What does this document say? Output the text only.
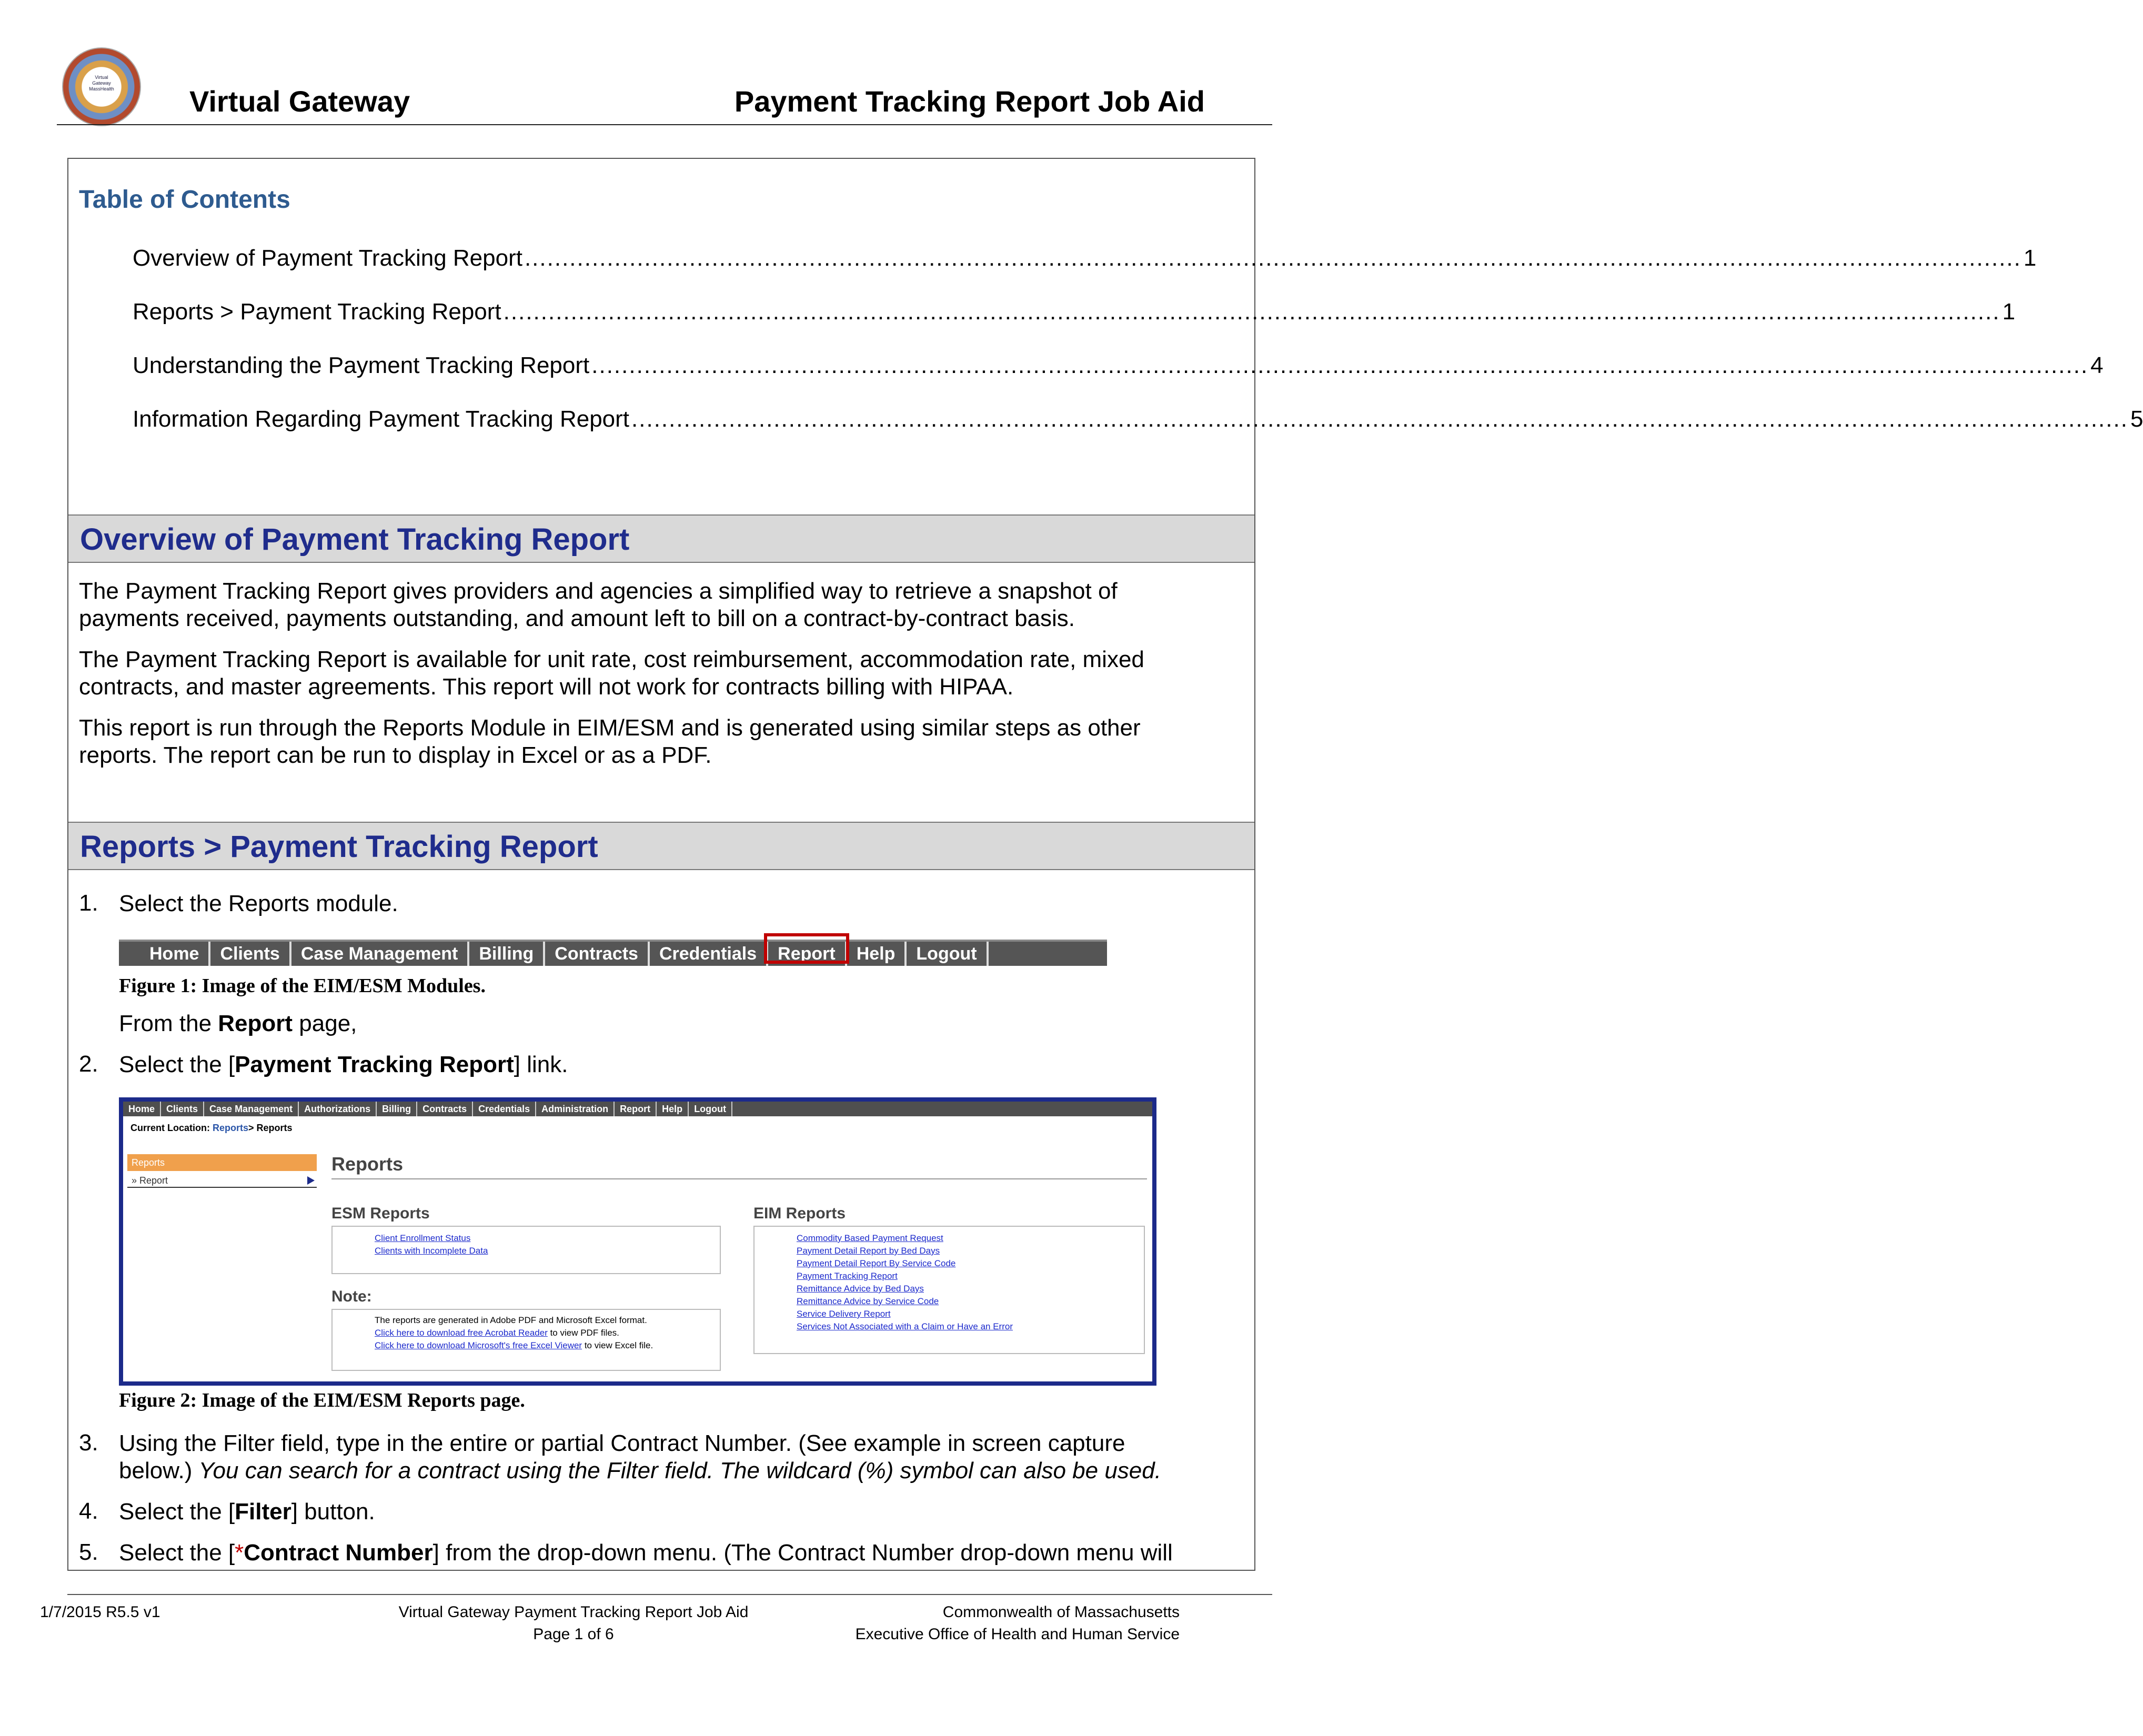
Virtual Gateway MassHealth	Virtual Gateway	Payment Tracking Report Job Aid
Table of Contents
Overview of Payment Tracking Report ........................................................................................................................................................................................................ 1
Reports > Payment Tracking Report ........................................................................................................................................................................................................ 1
Understanding the Payment Tracking Report ........................................................................................................................................................................................................ 4
Information Regarding Payment Tracking Report ........................................................................................................................................................................................................ 5
Overview of Payment Tracking Report
The Payment Tracking Report gives providers and agencies a simplified way to retrieve a snapshot of
payments received, payments outstanding, and amount left to bill on a contract-by-contract basis.
The Payment Tracking Report is available for unit rate, cost reimbursement, accommodation rate, mixed
contracts, and master agreements. This report will not work for contracts billing with HIPAA.
This report is run through the Reports Module in EIM/ESM and is generated using similar steps as other
reports. The report can be run to display in Excel or as a PDF.
Reports > Payment Tracking Report
1. Select the Reports module.
Home	Clients	Case Management	Billing	Contracts	Credentials	Report	Help	Logout
Figure 1: Image of the EIM/ESM Modules.
From the Report page,
2. Select the [Payment Tracking Report] link.
Home	Clients	Case Management	Authorizations	Billing	Contracts	Credentials	Administration	Report	Help	Logout
Current Location: Reports> Reports
Reports
» Report
Reports
ESM Reports
Client Enrollment Status
Clients with Incomplete Data
Note:
The reports are generated in Adobe PDF and Microsoft Excel format.
Click here to download free Acrobat Reader to view PDF files.
Click here to download Microsoft's free Excel Viewer to view Excel file.
EIM Reports
Commodity Based Payment Request
Payment Detail Report by Bed Days
Payment Detail Report By Service Code
Payment Tracking Report
Remittance Advice by Bed Days
Remittance Advice by Service Code
Service Delivery Report
Services Not Associated with a Claim or Have an Error
Figure 2: Image of the EIM/ESM Reports page.
3. Using the Filter field, type in the entire or partial Contract Number. (See example in screen capture
below.) You can search for a contract using the Filter field. The wildcard (%) symbol can also be used.
4. Select the [Filter] button.
5. Select the [*Contract Number] from the drop-down menu. (The Contract Number drop-down menu will
1/7/2015 R5.5 v1	Virtual Gateway Payment Tracking Report Job Aid
Page 1 of 6
Commonwealth of Massachusetts
Executive Office of Health and Human Service
